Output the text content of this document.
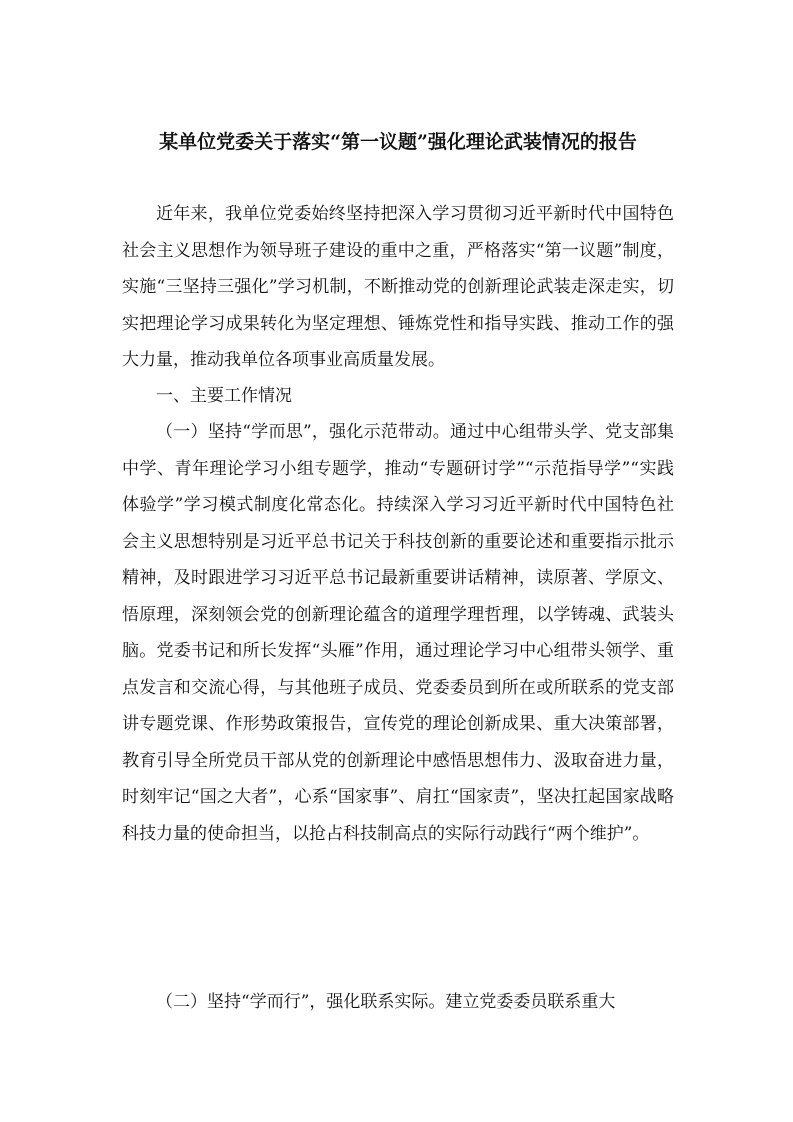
某单位党委关于落实“第一议题”强化理论武装情况的报告

近年来，我单位党委始终坚持把深入学习贯彻习近平新时代中国特色社会主义思想作为领导班子建设的重中之重，严格落实“第一议题”制度，实施“三坚持三强化”学习机制，不断推动党的创新理论武装走深走实，切实把理论学习成果转化为坚定理想、锤炼党性和指导实践、推动工作的强大力量，推动我单位各项事业高质量发展。

一、主要工作情况

（一）坚持“学而思”，强化示范带动。通过中心组带头学、党支部集中学、青年理论学习小组专题学，推动“专题研讨学”“示范指导学”“实践体验学”学习模式制度化常态化。持续深入学习习近平新时代中国特色社会主义思想特别是习近平总书记关于科技创新的重要论述和重要指示批示精神，及时跟进学习习近平总书记最新重要讲话精神，读原著、学原文、悟原理，深刻领会党的创新理论蕴含的道理学理哲理，以学铸魂、武装头脑。党委书记和所长发挥“头雁”作用，通过理论学习中心组带头领学、重点发言和交流心得，与其他班子成员、党委委员到所在或所联系的党支部讲专题党课、作形势政策报告，宣传党的理论创新成果、重大决策部署，教育引导全所党员干部从党的创新理论中感悟思想伟力、汲取奋进力量，时刻牢记“国之大者”，心系“国家事”、肩扛“国家责”，坚决扛起国家战略科技力量的使命担当，以抢占科技制高点的实际行动践行“两个维护”。

（二）坚持“学而行”，强化联系实际。建立党委委员联系重大
